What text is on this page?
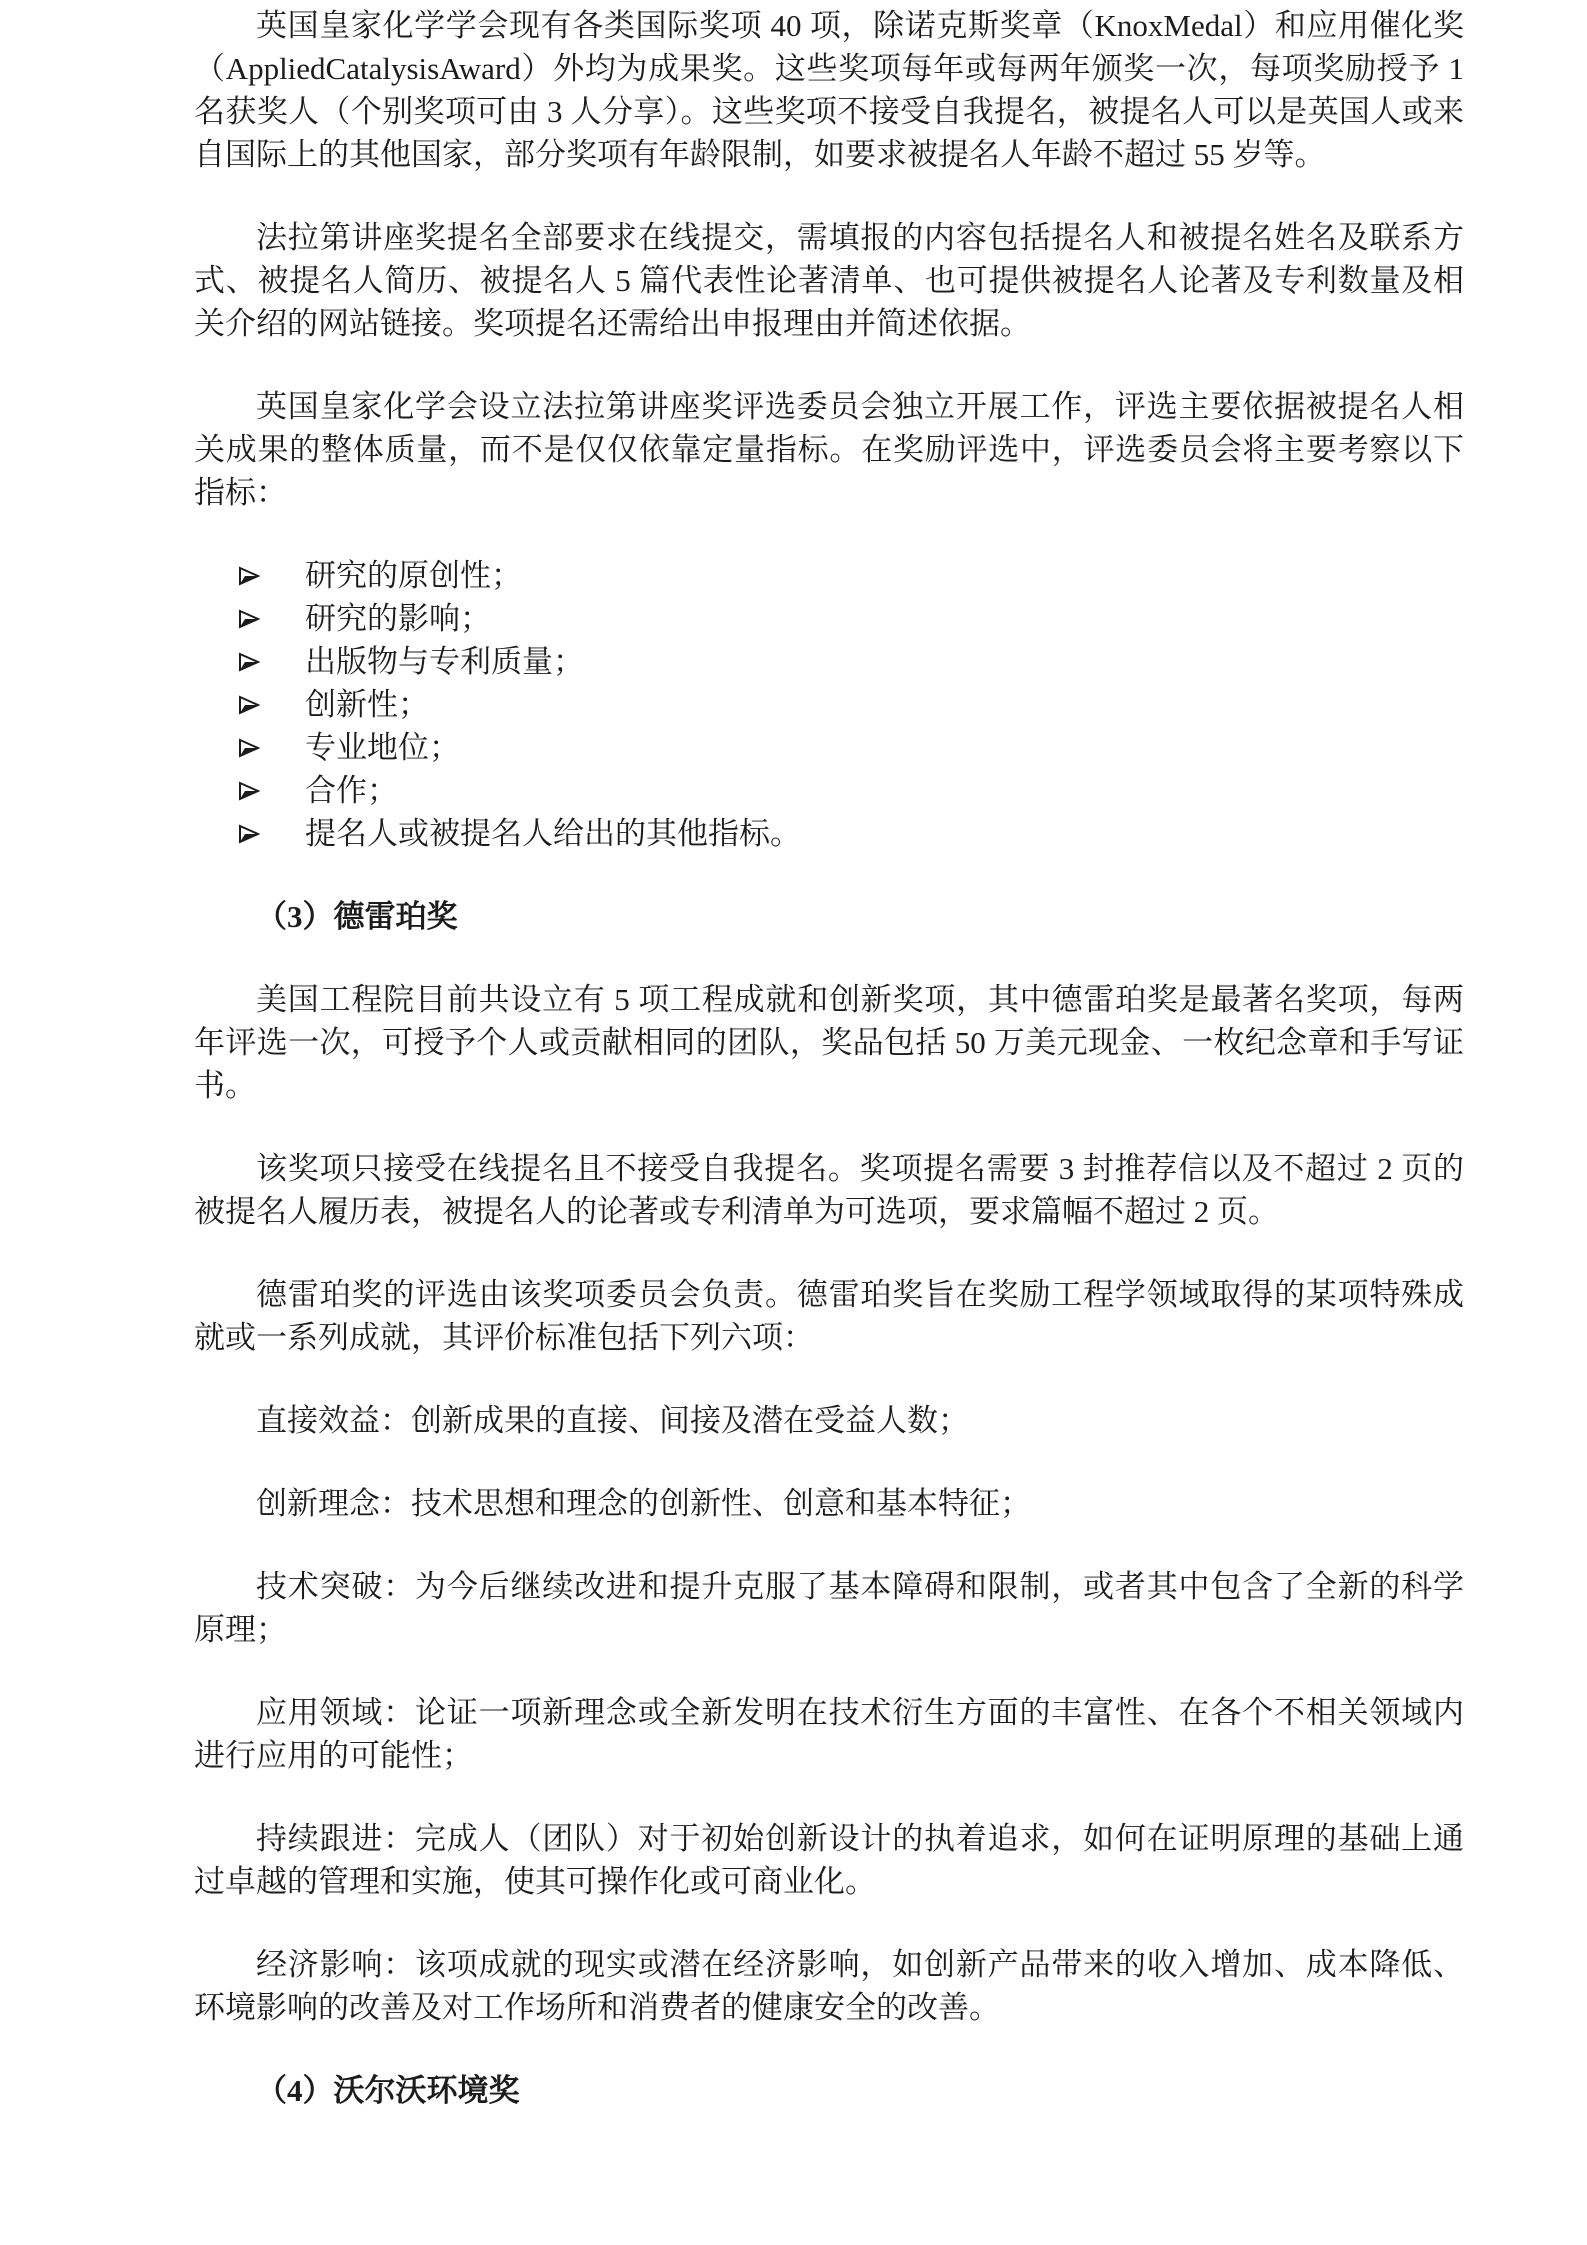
英国皇家化学学会现有各类国际奖项 40 项，除诺克斯奖章（KnoxMedal）和应用催化奖（AppliedCatalysisAward）外均为成果奖。这些奖项每年或每两年颁奖一次，每项奖励授予 1 名获奖人（个别奖项可由 3 人分享）。这些奖项不接受自我提名，被提名人可以是英国人或来自国际上的其他国家，部分奖项有年龄限制，如要求被提名人年龄不超过 55 岁等。

法拉第讲座奖提名全部要求在线提交，需填报的内容包括提名人和被提名姓名及联系方式、被提名人简历、被提名人 5 篇代表性论著清单、也可提供被提名人论著及专利数量及相关介绍的网站链接。奖项提名还需给出申报理由并简述依据。

英国皇家化学会设立法拉第讲座奖评选委员会独立开展工作，评选主要依据被提名人相关成果的整体质量，而不是仅仅依靠定量指标。在奖励评选中，评选委员会将主要考察以下指标：

研究的原创性；
研究的影响；
出版物与专利质量；
创新性；
专业地位；
合作；
提名人或被提名人给出的其他指标。

（3）德雷珀奖

美国工程院目前共设立有 5 项工程成就和创新奖项，其中德雷珀奖是最著名奖项，每两年评选一次，可授予个人或贡献相同的团队，奖品包括 50 万美元现金、一枚纪念章和手写证书。

该奖项只接受在线提名且不接受自我提名。奖项提名需要 3 封推荐信以及不超过 2 页的被提名人履历表，被提名人的论著或专利清单为可选项，要求篇幅不超过 2 页。

德雷珀奖的评选由该奖项委员会负责。德雷珀奖旨在奖励工程学领域取得的某项特殊成就或一系列成就，其评价标准包括下列六项：

直接效益：创新成果的直接、间接及潜在受益人数；

创新理念：技术思想和理念的创新性、创意和基本特征；

技术突破：为今后继续改进和提升克服了基本障碍和限制，或者其中包含了全新的科学原理；

应用领域：论证一项新理念或全新发明在技术衍生方面的丰富性、在各个不相关领域内进行应用的可能性；

持续跟进：完成人（团队）对于初始创新设计的执着追求，如何在证明原理的基础上通过卓越的管理和实施，使其可操作化或可商业化。

经济影响：该项成就的现实或潜在经济影响，如创新产品带来的收入增加、成本降低、环境影响的改善及对工作场所和消费者的健康安全的改善。

（4）沃尔沃环境奖
